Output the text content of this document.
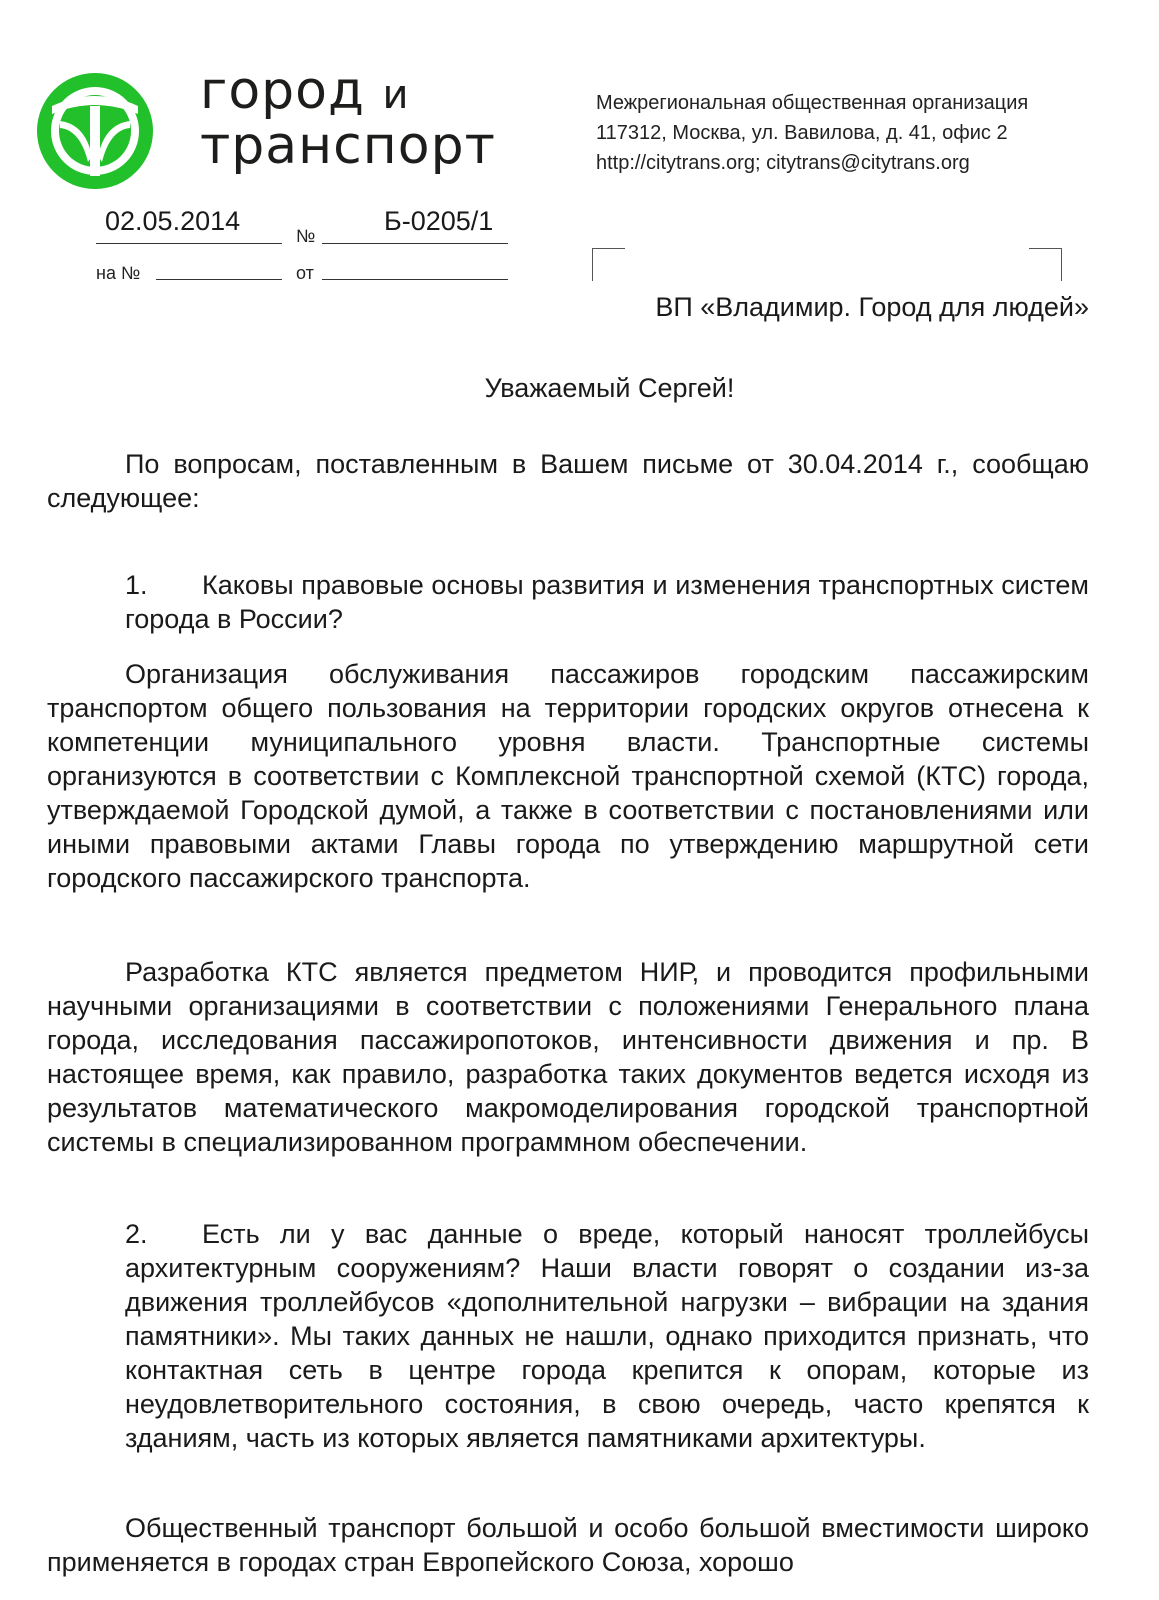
город и
транспорт
Межрегиональная общественная организация
117312, Москва, ул. Вавилова, д. 41, офис 2
http://citytrans.org; citytrans@citytrans.org
02.05.2014	№	Б-0205/1
на №	от
ВП «Владимир. Город для людей»
Уважаемый Сергей!
По вопросам, поставленным в Вашем письме от 30.04.2014 г., сообщаю следующее:
1.	Каковы правовые основы развития и изменения транспортных систем города в России?
Организация обслуживания пассажиров городским пассажирским транспортом общего пользования на территории городских округов отнесена к компетенции муниципального уровня власти. Транспортные системы организуются в соответствии с Комплексной транспортной схемой (КТС) города, утверждаемой Городской думой, а также в соответствии с постановлениями или иными правовыми актами Главы города по утверждению маршрутной сети городского пассажирского транспорта.
Разработка КТС является предметом НИР, и проводится профильными научными организациями в соответствии с положениями Генерального плана города, исследования пассажиропотоков, интенсивности движения и пр. В настоящее время, как правило, разработка таких документов ведется исходя из результатов математического макромоделирования городской транспортной системы в специализированном программном обеспечении.
2.	Есть ли у вас данные о вреде, который наносят троллейбусы архитектурным сооружениям? Наши власти говорят о создании из-за движения троллейбусов «дополнительной нагрузки – вибрации на здания памятники». Мы таких данных не нашли, однако приходится признать, что контактная сеть в центре города крепится к опорам, которые из неудовлетворительного состояния, в свою очередь, часто крепятся к зданиям, часть из которых является памятниками архитектуры.
Общественный транспорт большой и особо большой вместимости широко применяется в городах стран Европейского Союза, хорошо
